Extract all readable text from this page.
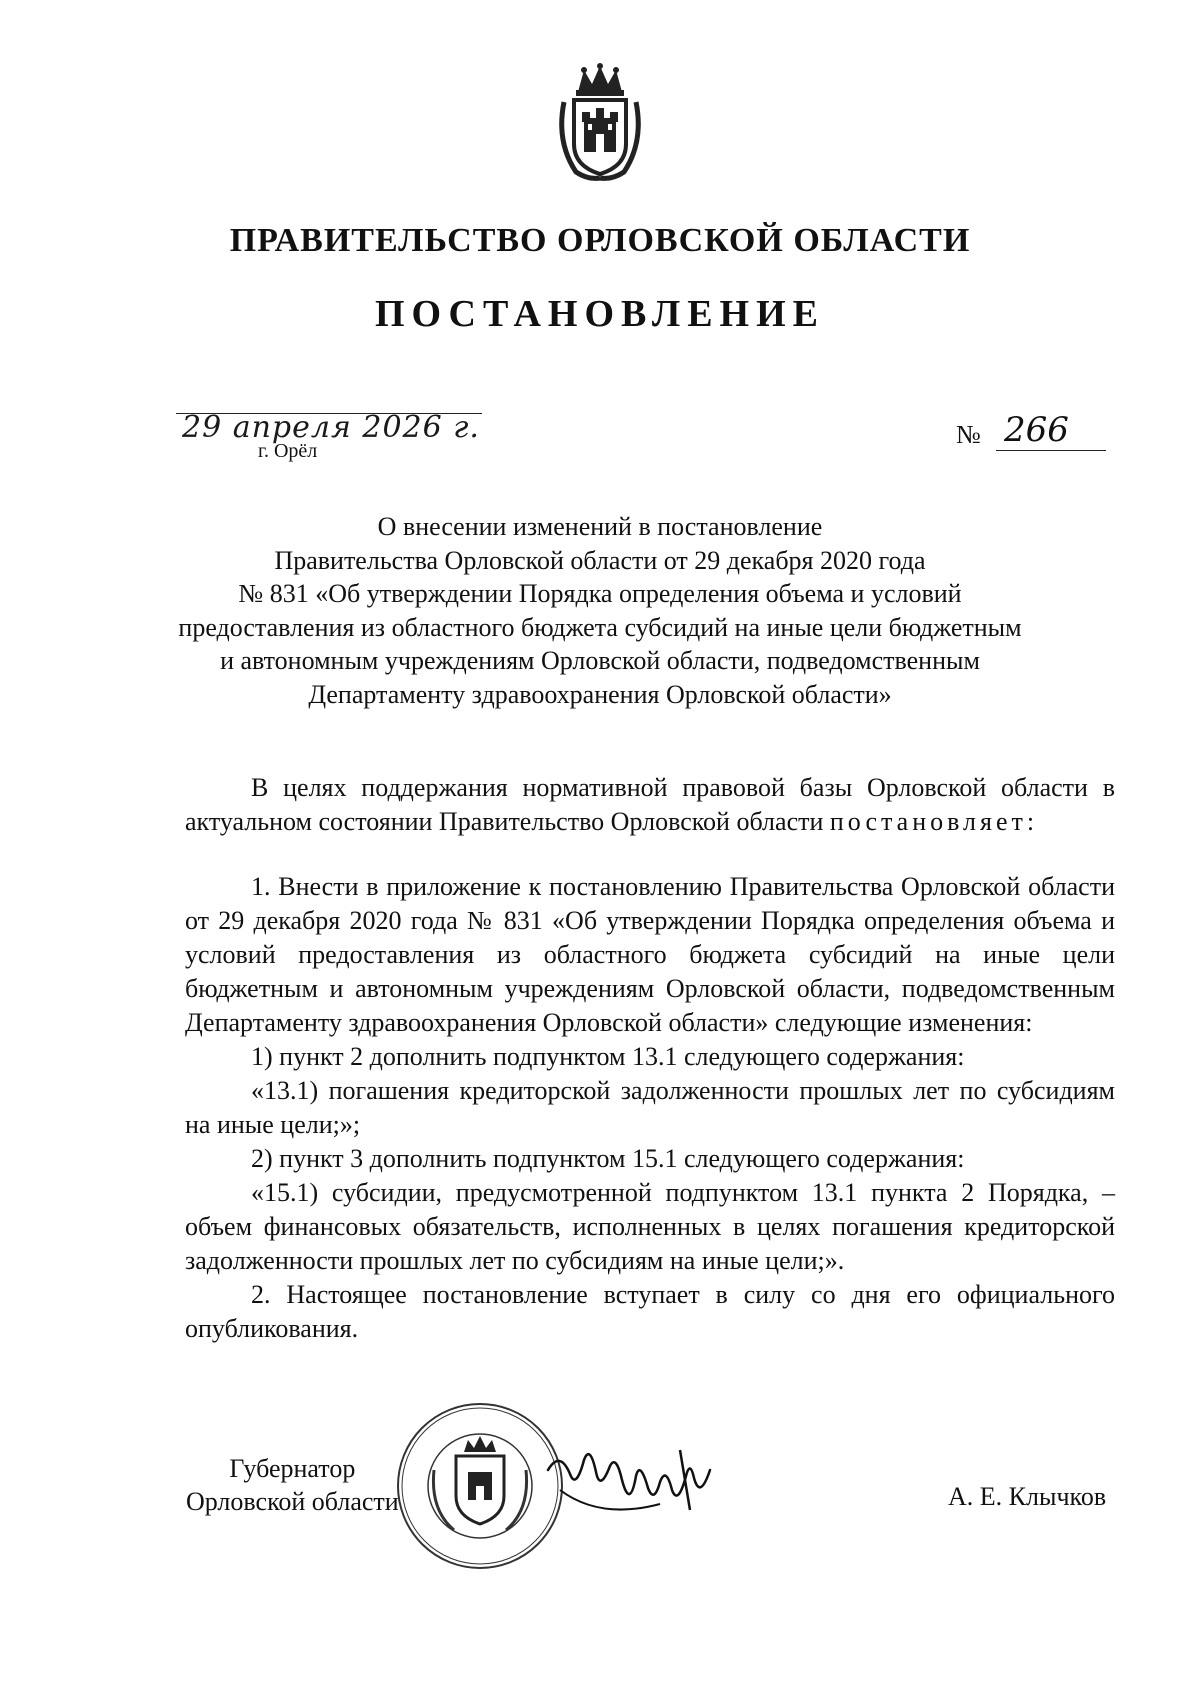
ПРАВИТЕЛЬСТВО ОРЛОВСКОЙ ОБЛАСТИ
ПОСТАНОВЛЕНИЕ
29 апреля 2026 г.
г. Орёл
№ 266
О внесении изменений в постановление
Правительства Орловской области от 29 декабря 2020 года
№ 831 «Об утверждении Порядка определения объема и условий
предоставления из областного бюджета субсидий на иные цели бюджетным
и автономным учреждениям Орловской области, подведомственным
Департаменту здравоохранения Орловской области»

В целях поддержания нормативной правовой базы Орловской области в актуальном состоянии Правительство Орловской области постановляет:

1. Внести в приложение к постановлению Правительства Орловской области от 29 декабря 2020 года № 831 «Об утверждении Порядка определения объема и условий предоставления из областного бюджета субсидий на иные цели бюджетным и автономным учреждениям Орловской области, подведомственным Департаменту здравоохранения Орловской области» следующие изменения:

1) пункт 2 дополнить подпунктом 13.1 следующего содержания:

«13.1) погашения кредиторской задолженности прошлых лет по субсидиям на иные цели;»;

2) пункт 3 дополнить подпунктом 15.1 следующего содержания:

«15.1) субсидии, предусмотренной подпунктом 13.1 пункта 2 Порядка, – объем финансовых обязательств, исполненных в целях погашения кредиторской задолженности прошлых лет по субсидиям на иные цели;».

2. Настоящее постановление вступает в силу со дня его официального опубликования.

Губернатор
Орловской области	А. Е. Клычков
